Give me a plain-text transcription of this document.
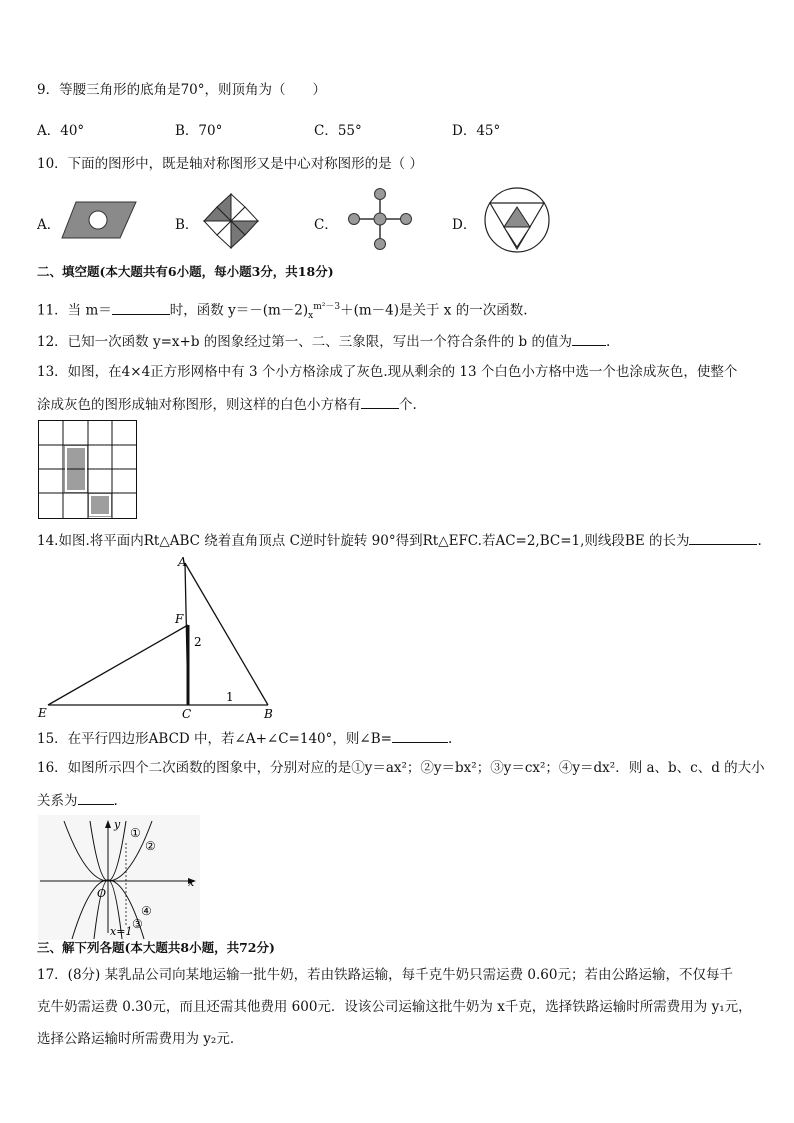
9．等腰三角形的底角是70°，则顶角为（　　）
A．40°	B．70°	C．55°	D．45°
10．下面的图形中，既是轴对称图形又是中心对称图形的是（ ）
A．	B．	C．	D．
二、填空题(本大题共有6小题，每小题3分，共18分)
11．当 m＝	时，函数 $y=-(m-2)_x^{m^2-3}+(m-4)$是关于 x 的一次函数.
12．已知一次函数 y=x+b 的图象经过第一、二、三象限，写出一个符合条件的 b 的值为	.
13．如图，在4×4正方形网格中有 3 个小方格涂成了灰色.现从剩余的 13 个白色小方格中选一个也涂成灰色，使整个
涂成灰色的图形成轴对称图形，则这样的白色小方格有	个.
14.如图.将平面内Rt△ABC 绕着直角顶点 C逆时针旋转 90°得到Rt△EFC.若AC=2,BC=1,则线段BE 的长为	.
A
F
E	C	B
2
1
15．在平行四边形ABCD 中，若∠A+∠C=140°，则∠B=	.
16．如图所示四个二次函数的图象中，分别对应的是①y＝ax²；②y＝bx²；③y＝cx²；④y＝dx²．则 a、b、c、d 的大小
关系为	.
y
x
O
x=1
①
②
③
④
三、解下列各题(本大题共8小题，共72分)
17．(8分) 某乳品公司向某地运输一批牛奶，若由铁路运输，每千克牛奶只需运费 0.60元；若由公路运输，不仅每千
克牛奶需运费 0.30元，而且还需其他费用 600元．设该公司运输这批牛奶为 x千克，选择铁路运输时所需费用为 y₁元，
选择公路运输时所需费用为 y₂元．
